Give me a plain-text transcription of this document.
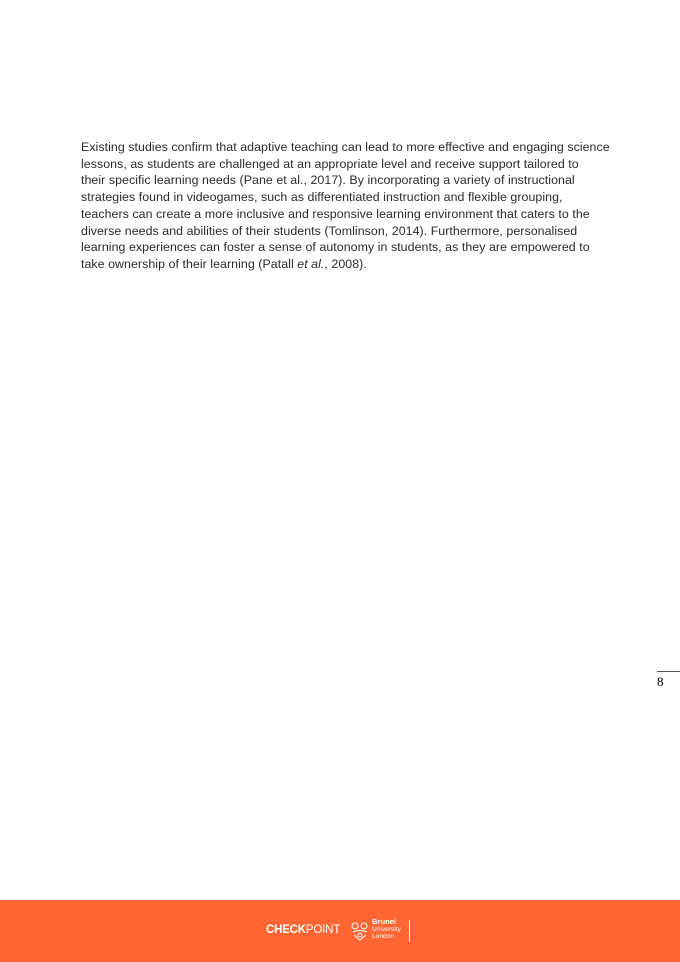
Existing studies confirm that adaptive teaching can lead to more effective and engaging science
lessons, as students are challenged at an appropriate level and receive support tailored to
their specific learning needs (Pane et al., 2017). By incorporating a variety of instructional
strategies found in videogames, such as differentiated instruction and flexible grouping,
teachers can create a more inclusive and responsive learning environment that caters to the
diverse needs and abilities of their students (Tomlinson, 2014). Furthermore, personalised
learning experiences can foster a sense of autonomy in students, as they are empowered to
take ownership of their learning (Patall et al., 2008).

8
CHECKPOINT
Brunel
University
London
